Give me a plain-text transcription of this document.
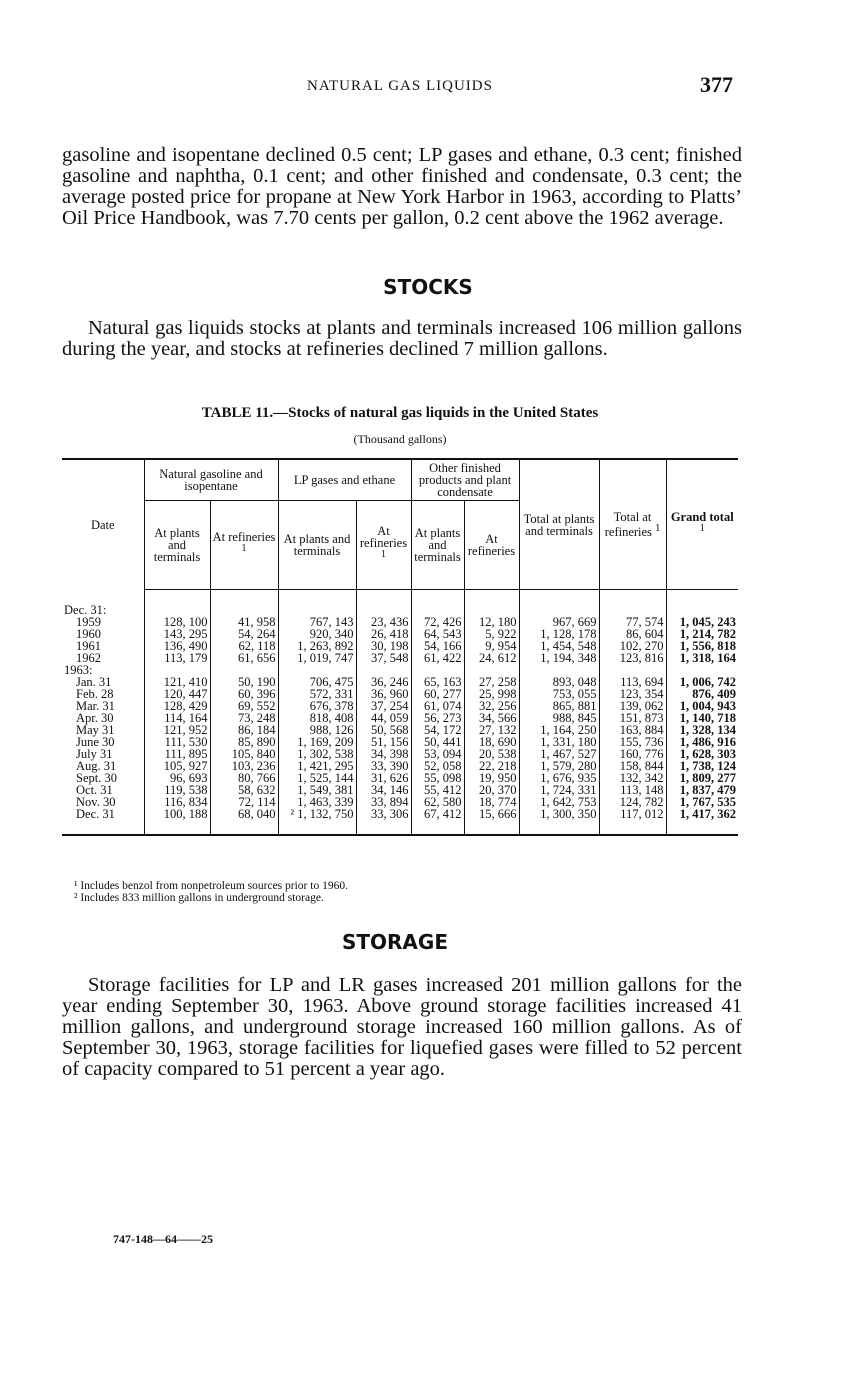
NATURAL GAS LIQUIDS	377
gasoline and isopentane declined 0.5 cent; LP gases and ethane, 0.3 cent; finished gasoline and naphtha, 0.1 cent; and other finished and condensate, 0.3 cent; the average posted price for propane at New York Harbor in 1963, according to Platts’ Oil Price Handbook, was 7.70 cents per gallon, 0.2 cent above the 1962 average.
STOCKS
Natural gas liquids stocks at plants and terminals increased 106 million gallons during the year, and stocks at refineries declined 7 million gallons.
TABLE 11.—Stocks of natural gas liquids in the United States
(Thousand gallons)
Date	Natural gasoline and isopentane		LP gases and ethane		Other finished products and plant condensate		Total at plants and terminals	Total at refineries $^1$	Grand total $^1$
	At plants and terminals	At refineries $^1$	At plants and terminals	At refineries $^1$	At plants and terminals	At refineries			
Dec. 31:									
1959	128, 100	41, 958	767, 143	23, 436	72, 426	12, 180	967, 669	77, 574	1, 045, 243
1960	143, 295	54, 264	920, 340	26, 418	64, 543	5, 922	1, 128, 178	86, 604	1, 214, 782
1961	136, 490	62, 118	1, 263, 892	30, 198	54, 166	9, 954	1, 454, 548	102, 270	1, 556, 818
1962	113, 179	61, 656	1, 019, 747	37, 548	61, 422	24, 612	1, 194, 348	123, 816	1, 318, 164
1963:									
Jan. 31	121, 410	50, 190	706, 475	36, 246	65, 163	27, 258	893, 048	113, 694	1, 006, 742
Feb. 28	120, 447	60, 396	572, 331	36, 960	60, 277	25, 998	753, 055	123, 354	876, 409
Mar. 31	128, 429	69, 552	676, 378	37, 254	61, 074	32, 256	865, 881	139, 062	1, 004, 943
Apr. 30	114, 164	73, 248	818, 408	44, 059	56, 273	34, 566	988, 845	151, 873	1, 140, 718
May 31	121, 952	86, 184	988, 126	50, 568	54, 172	27, 132	1, 164, 250	163, 884	1, 328, 134
June 30	111, 530	85, 890	1, 169, 209	51, 156	50, 441	18, 690	1, 331, 180	155, 736	1, 486, 916
July 31	111, 895	105, 840	1, 302, 538	34, 398	53, 094	20, 538	1, 467, 527	160, 776	1, 628, 303
Aug. 31	105, 927	103, 236	1, 421, 295	33, 390	52, 058	22, 218	1, 579, 280	158, 844	1, 738, 124
Sept. 30	96, 693	80, 766	1, 525, 144	31, 626	55, 098	19, 950	1, 676, 935	132, 342	1, 809, 277
Oct. 31	119, 538	58, 632	1, 549, 381	34, 146	55, 412	20, 370	1, 724, 331	113, 148	1, 837, 479
Nov. 30	116, 834	72, 114	1, 463, 339	33, 894	62, 580	18, 774	1, 642, 753	124, 782	1, 767, 535
Dec. 31	100, 188	68, 040	² 1, 132, 750	33, 306	67, 412	15, 666	1, 300, 350	117, 012	1, 417, 362
¹ Includes benzol from nonpetroleum sources prior to 1960.
² Includes 833 million gallons in underground storage.
STORAGE
Storage facilities for LP and LR gases increased 201 million gallons for the year ending September 30, 1963. Above ground storage facilities increased 41 million gallons, and underground storage increased 160 million gallons. As of September 30, 1963, storage facilities for liquefied gases were filled to 52 percent of capacity compared to 51 percent a year ago.
747-148—64——25
